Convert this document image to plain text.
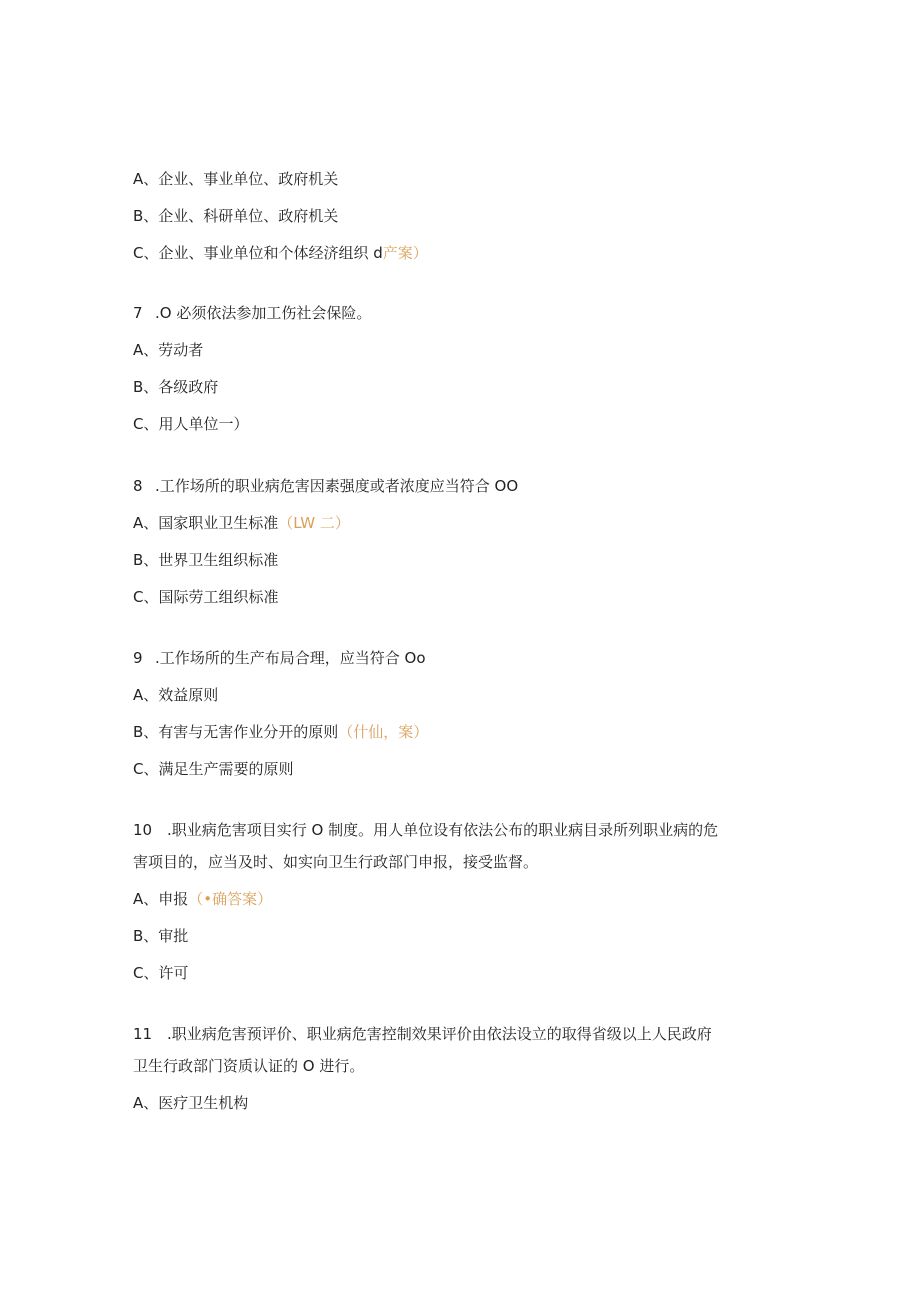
A、企业、事业单位、政府机关
B、企业、科研单位、政府机关
C、企业、事业单位和个体经济组织 d产案）
7 .O 必须依法参加工伤社会保险。
A、劳动者
B、各级政府
C、用人单位一）
8 .工作场所的职业病危害因素强度或者浓度应当符合 OO
A、国家职业卫生标准（LW 二）
B、世界卫生组织标准
C、国际劳工组织标准
9 .工作场所的生产布局合理，应当符合 Oo
A、效益原则
B、有害与无害作业分开的原则（什仙，案）
C、满足生产需要的原则
10 .职业病危害项目实行 O 制度。用人单位设有依法公布的职业病目录所列职业病的危
害项目的，应当及时、如实向卫生行政部门申报，接受监督。
A、申报（•确答案）
B、审批
C、许可
11 .职业病危害预评价、职业病危害控制效果评价由依法设立的取得省级以上人民政府
卫生行政部门资质认证的 O 进行。
A、医疗卫生机构
